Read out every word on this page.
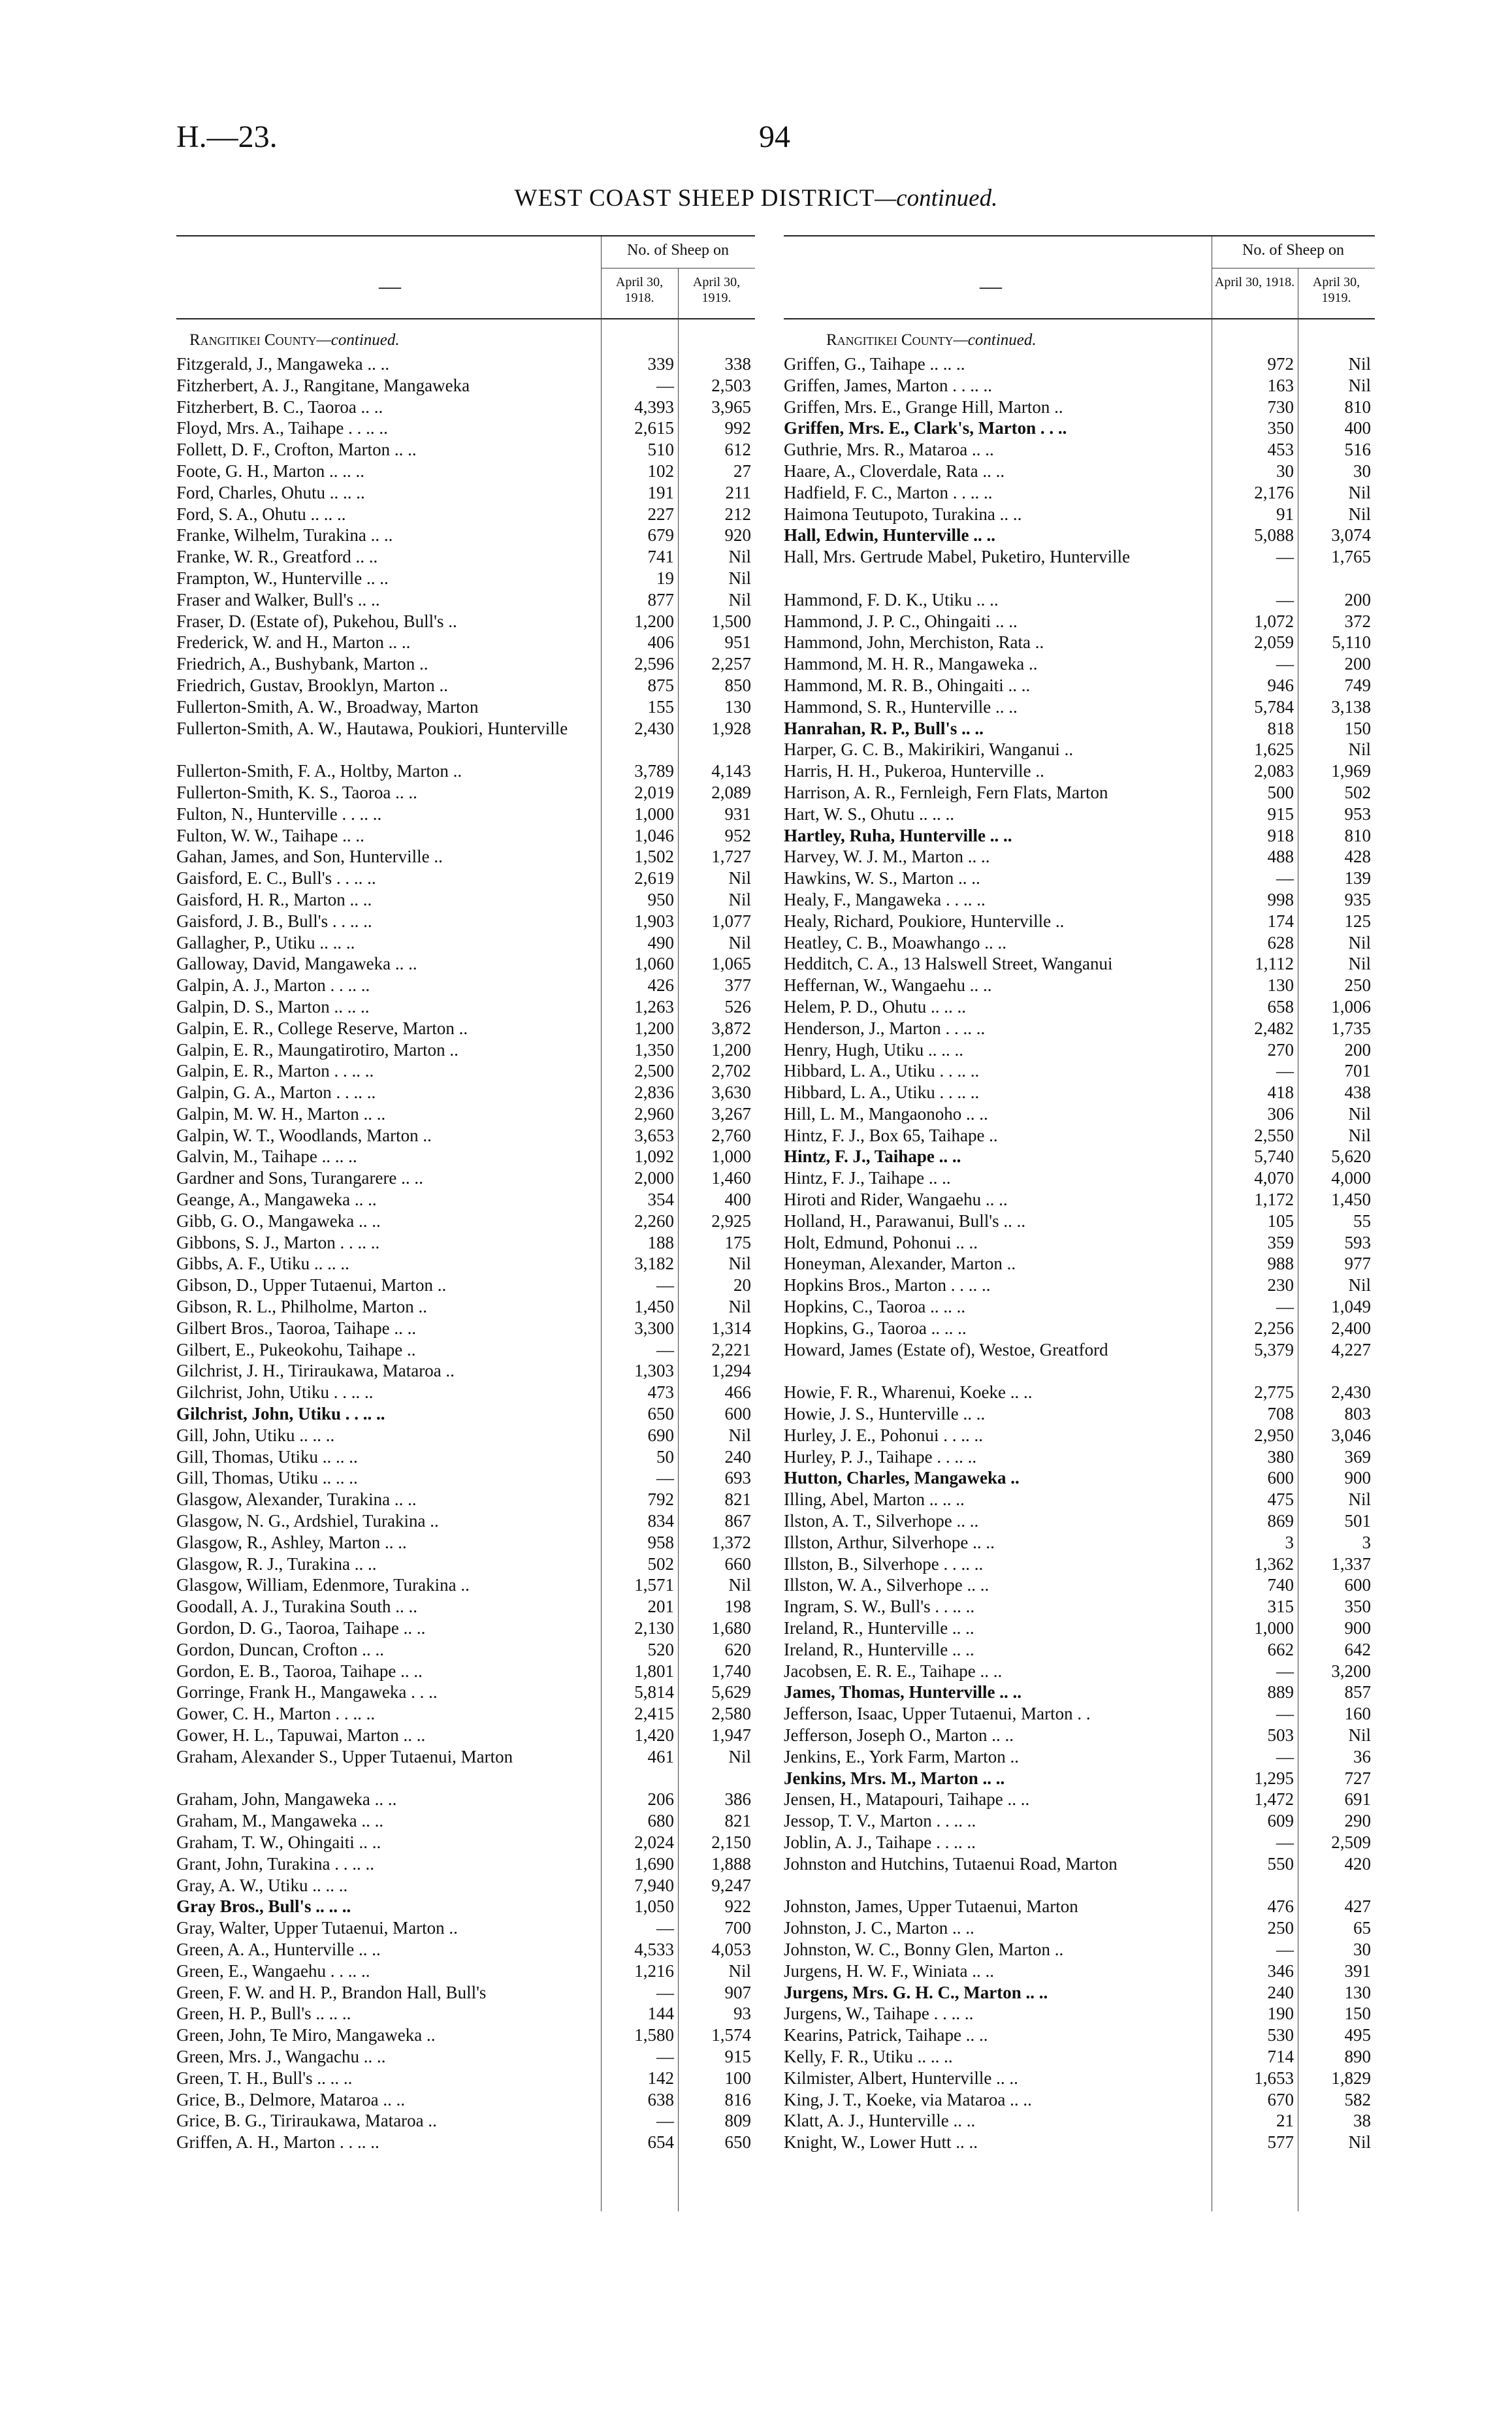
H.—23.	94
WEST COAST SHEEP DISTRICT—continued.
—
No. of Sheep on
April 30, 1918.
April 30, 1919.
Rangitikei County—continued.
Fitzgerald, J., Mangaweka .. ..	339	338
Fitzherbert, A. J., Rangitane, Mangaweka	—	2,503
Fitzherbert, B. C., Taoroa .. ..	4,393	3,965
Floyd, Mrs. A., Taihape . . .. ..	2,615	992
Follett, D. F., Crofton, Marton .. ..	510	612
Foote, G. H., Marton .. .. ..	102	27
Ford, Charles, Ohutu .. .. ..	191	211
Ford, S. A., Ohutu .. .. ..	227	212
Franke, Wilhelm, Turakina .. ..	679	920
Franke, W. R., Greatford .. ..	741	Nil
Frampton, W., Hunterville .. ..	19	Nil
Fraser and Walker, Bull's .. ..	877	Nil
Fraser, D. (Estate of), Pukehou, Bull's ..	1,200	1,500
Frederick, W. and H., Marton .. ..	406	951
Friedrich, A., Bushybank, Marton ..	2,596	2,257
Friedrich, Gustav, Brooklyn, Marton ..	875	850
Fullerton-Smith, A. W., Broadway, Marton	155	130
Fullerton-Smith, A. W., Hautawa, Poukiori, Hunterville	2,430	1,928
Fullerton-Smith, F. A., Holtby, Marton ..	3,789	4,143
Fullerton-Smith, K. S., Taoroa .. ..	2,019	2,089
Fulton, N., Hunterville . . .. ..	1,000	931
Fulton, W. W., Taihape .. ..	1,046	952
Gahan, James, and Son, Hunterville ..	1,502	1,727
Gaisford, E. C., Bull's . . .. ..	2,619	Nil
Gaisford, H. R., Marton .. ..	950	Nil
Gaisford, J. B., Bull's . . .. ..	1,903	1,077
Gallagher, P., Utiku .. .. ..	490	Nil
Galloway, David, Mangaweka .. ..	1,060	1,065
Galpin, A. J., Marton . . .. ..	426	377
Galpin, D. S., Marton .. .. ..	1,263	526
Galpin, E. R., College Reserve, Marton ..	1,200	3,872
Galpin, E. R., Maungatirotiro, Marton ..	1,350	1,200
Galpin, E. R., Marton . . .. ..	2,500	2,702
Galpin, G. A., Marton . . .. ..	2,836	3,630
Galpin, M. W. H., Marton .. ..	2,960	3,267
Galpin, W. T., Woodlands, Marton ..	3,653	2,760
Galvin, M., Taihape .. .. ..	1,092	1,000
Gardner and Sons, Turangarere .. ..	2,000	1,460
Geange, A., Mangaweka .. ..	354	400
Gibb, G. O., Mangaweka .. ..	2,260	2,925
Gibbons, S. J., Marton . . .. ..	188	175
Gibbs, A. F., Utiku .. .. ..	3,182	Nil
Gibson, D., Upper Tutaenui, Marton ..	—	20
Gibson, R. L., Philholme, Marton ..	1,450	Nil
Gilbert Bros., Taoroa, Taihape .. ..	3,300	1,314
Gilbert, E., Pukeokohu, Taihape ..	—	2,221
Gilchrist, J. H., Tiriraukawa, Mataroa ..	1,303	1,294
Gilchrist, John, Utiku . . .. ..	473	466
Gilchrist, John, Utiku . . .. ..	650	600
Gill, John, Utiku .. .. ..	690	Nil
Gill, Thomas, Utiku .. .. ..	50	240
Gill, Thomas, Utiku .. .. ..	—	693
Glasgow, Alexander, Turakina .. ..	792	821
Glasgow, N. G., Ardshiel, Turakina ..	834	867
Glasgow, R., Ashley, Marton .. ..	958	1,372
Glasgow, R. J., Turakina .. ..	502	660
Glasgow, William, Edenmore, Turakina ..	1,571	Nil
Goodall, A. J., Turakina South .. ..	201	198
Gordon, D. G., Taoroa, Taihape .. ..	2,130	1,680
Gordon, Duncan, Crofton .. ..	520	620
Gordon, E. B., Taoroa, Taihape .. ..	1,801	1,740
Gorringe, Frank H., Mangaweka . . ..	5,814	5,629
Gower, C. H., Marton . . .. ..	2,415	2,580
Gower, H. L., Tapuwai, Marton .. ..	1,420	1,947
Graham, Alexander S., Upper Tutaenui, Marton	461	Nil
Graham, John, Mangaweka .. ..	206	386
Graham, M., Mangaweka .. ..	680	821
Graham, T. W., Ohingaiti .. ..	2,024	2,150
Grant, John, Turakina . . .. ..	1,690	1,888
Gray, A. W., Utiku .. .. ..	7,940	9,247
Gray Bros., Bull's .. .. ..	1,050	922
Gray, Walter, Upper Tutaenui, Marton ..	—	700
Green, A. A., Hunterville .. ..	4,533	4,053
Green, E., Wangaehu . . .. ..	1,216	Nil
Green, F. W. and H. P., Brandon Hall, Bull's	—	907
Green, H. P., Bull's .. .. ..	144	93
Green, John, Te Miro, Mangaweka ..	1,580	1,574
Green, Mrs. J., Wangachu .. ..	—	915
Green, T. H., Bull's .. .. ..	142	100
Grice, B., Delmore, Mataroa .. ..	638	816
Grice, B. G., Tiriraukawa, Mataroa ..	—	809
Griffen, A. H., Marton . . .. ..	654	650
—
No. of Sheep on
April 30, 1918.	April 30, 1919.
Rangitikei County—continued.
Griffen, G., Taihape .. .. ..	972	Nil
Griffen, James, Marton . . .. ..	163	Nil
Griffen, Mrs. E., Grange Hill, Marton ..	730	810
Griffen, Mrs. E., Clark's, Marton . . ..	350	400
Guthrie, Mrs. R., Mataroa .. ..	453	516
Haare, A., Cloverdale, Rata .. ..	30	30
Hadfield, F. C., Marton . . .. ..	2,176	Nil
Haimona Teutupoto, Turakina .. ..	91	Nil
Hall, Edwin, Hunterville .. ..	5,088	3,074
Hall, Mrs. Gertrude Mabel, Puketiro, Hunterville	—	1,765
Hammond, F. D. K., Utiku .. ..	—	200
Hammond, J. P. C., Ohingaiti .. ..	1,072	372
Hammond, John, Merchiston, Rata ..	2,059	5,110
Hammond, M. H. R., Mangaweka ..	—	200
Hammond, M. R. B., Ohingaiti .. ..	946	749
Hammond, S. R., Hunterville .. ..	5,784	3,138
Hanrahan, R. P., Bull's .. ..	818	150
Harper, G. C. B., Makirikiri, Wanganui ..	1,625	Nil
Harris, H. H., Pukeroa, Hunterville ..	2,083	1,969
Harrison, A. R., Fernleigh, Fern Flats, Marton	500	502
Hart, W. S., Ohutu .. .. ..	915	953
Hartley, Ruha, Hunterville .. ..	918	810
Harvey, W. J. M., Marton .. ..	488	428
Hawkins, W. S., Marton .. ..	—	139
Healy, F., Mangaweka . . .. ..	998	935
Healy, Richard, Poukiore, Hunterville ..	174	125
Heatley, C. B., Moawhango .. ..	628	Nil
Hedditch, C. A., 13 Halswell Street, Wanganui	1,112	Nil
Heffernan, W., Wangaehu .. ..	130	250
Helem, P. D., Ohutu .. .. ..	658	1,006
Henderson, J., Marton . . .. ..	2,482	1,735
Henry, Hugh, Utiku .. .. ..	270	200
Hibbard, L. A., Utiku . . .. ..	—	701
Hibbard, L. A., Utiku . . .. ..	418	438
Hill, L. M., Mangaonoho .. ..	306	Nil
Hintz, F. J., Box 65, Taihape ..	2,550	Nil
Hintz, F. J., Taihape .. ..	5,740	5,620
Hintz, F. J., Taihape .. ..	4,070	4,000
Hiroti and Rider, Wangaehu .. ..	1,172	1,450
Holland, H., Parawanui, Bull's .. ..	105	55
Holt, Edmund, Pohonui .. ..	359	593
Honeyman, Alexander, Marton ..	988	977
Hopkins Bros., Marton . . .. ..	230	Nil
Hopkins, C., Taoroa .. .. ..	—	1,049
Hopkins, G., Taoroa .. .. ..	2,256	2,400
Howard, James (Estate of), Westoe, Greatford	5,379	4,227
Howie, F. R., Wharenui, Koeke .. ..	2,775	2,430
Howie, J. S., Hunterville .. ..	708	803
Hurley, J. E., Pohonui . . .. ..	2,950	3,046
Hurley, P. J., Taihape . . .. ..	380	369
Hutton, Charles, Mangaweka ..	600	900
Illing, Abel, Marton .. .. ..	475	Nil
Ilston, A. T., Silverhope .. ..	869	501
Illston, Arthur, Silverhope .. ..	3	3
Illston, B., Silverhope . . .. ..	1,362	1,337
Illston, W. A., Silverhope .. ..	740	600
Ingram, S. W., Bull's . . .. ..	315	350
Ireland, R., Hunterville .. ..	1,000	900
Ireland, R., Hunterville .. ..	662	642
Jacobsen, E. R. E., Taihape .. ..	—	3,200
James, Thomas, Hunterville .. ..	889	857
Jefferson, Isaac, Upper Tutaenui, Marton . .	—	160
Jefferson, Joseph O., Marton .. ..	503	Nil
Jenkins, E., York Farm, Marton ..	—	36
Jenkins, Mrs. M., Marton .. ..	1,295	727
Jensen, H., Matapouri, Taihape .. ..	1,472	691
Jessop, T. V., Marton . . .. ..	609	290
Joblin, A. J., Taihape . . .. ..	—	2,509
Johnston and Hutchins, Tutaenui Road, Marton	550	420
Johnston, James, Upper Tutaenui, Marton	476	427
Johnston, J. C., Marton .. ..	250	65
Johnston, W. C., Bonny Glen, Marton ..	—	30
Jurgens, H. W. F., Winiata .. ..	346	391
Jurgens, Mrs. G. H. C., Marton .. ..	240	130
Jurgens, W., Taihape . . .. ..	190	150
Kearins, Patrick, Taihape .. ..	530	495
Kelly, F. R., Utiku .. .. ..	714	890
Kilmister, Albert, Hunterville .. ..	1,653	1,829
King, J. T., Koeke, via Mataroa .. ..	670	582
Klatt, A. J., Hunterville .. ..	21	38
Knight, W., Lower Hutt .. ..	577	Nil
